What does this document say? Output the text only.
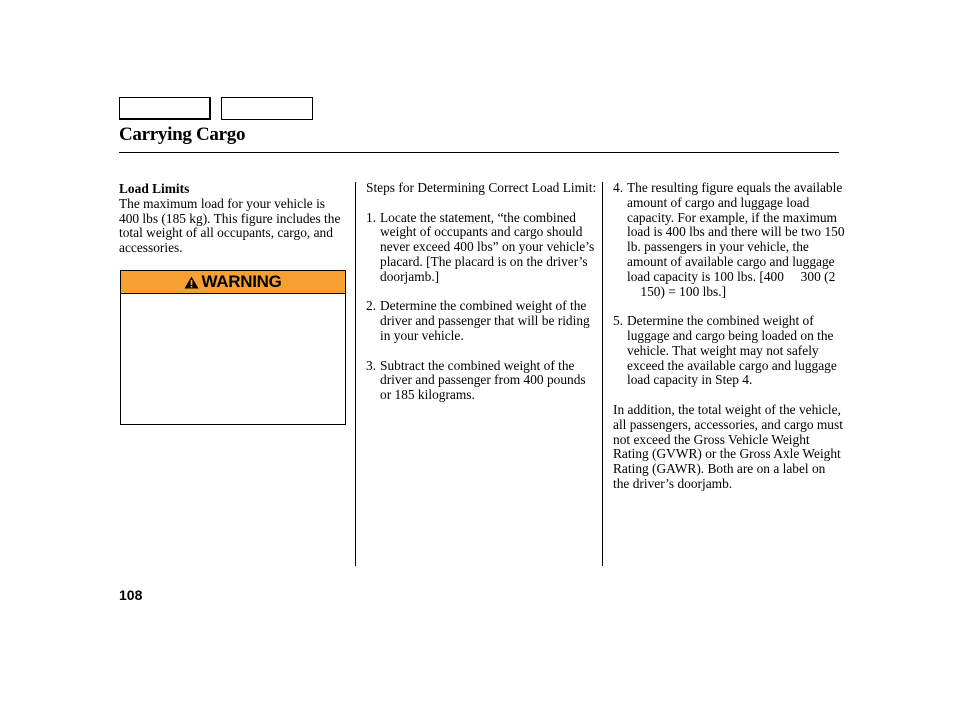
Carrying Cargo
Load Limits

The maximum load for your vehicle is 400 lbs (185 kg). This figure includes the total weight of all occupants, cargo, and accessories.

WARNING

Steps for Determining Correct Load Limit:

1. Locate the statement, “the combined weight of occupants and cargo should never exceed 400 lbs” on your vehicle’s placard. [The placard is on the driver’s doorjamb.]
2. Determine the combined weight of the driver and passenger that will be riding in your vehicle.
3. Subtract the combined weight of the driver and passenger from 400 pounds or 185 kilograms.
4. The resulting figure equals the available amount of cargo and luggage load capacity. For example, if the maximum load is 400 lbs and there will be two 150 lb. passengers in your vehicle, the amount of available cargo and luggage load capacity is 100 lbs. [400     300 (2     150) = 100 lbs.]
5. Determine the combined weight of luggage and cargo being loaded on the vehicle. That weight may not safely exceed the available cargo and luggage load capacity in Step 4.

In addition, the total weight of the vehicle, all passengers, accessories, and cargo must not exceed the Gross Vehicle Weight Rating (GVWR) or the Gross Axle Weight Rating (GAWR). Both are on a label on the driver’s doorjamb.

108
